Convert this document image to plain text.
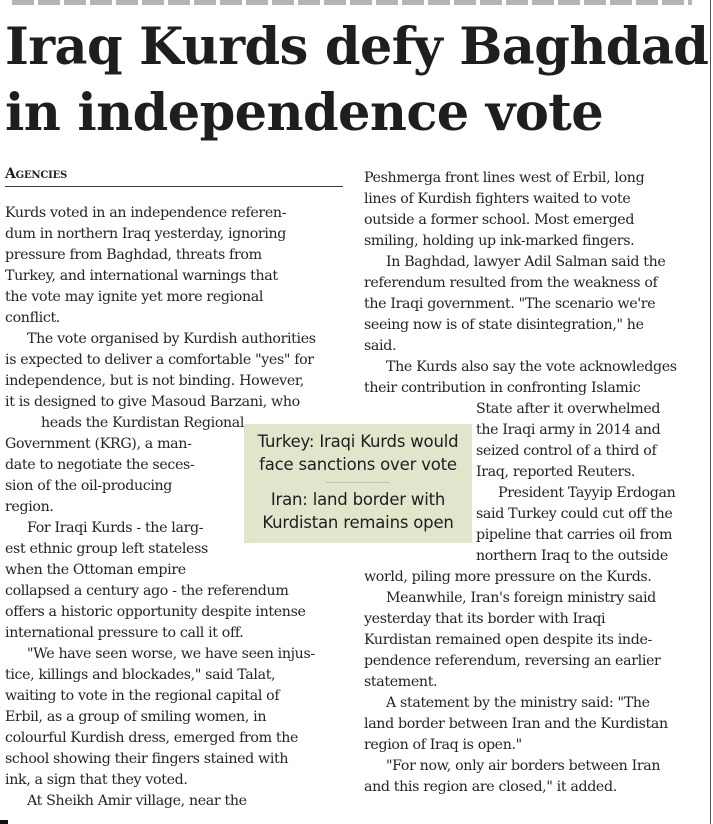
Iraq Kurds defy Baghdad
in independence vote
Agencies
Kurds voted in an independence referen-
dum in northern Iraq yesterday, ignoring
pressure from Baghdad, threats from
Turkey, and international warnings that
the vote may ignite yet more regional
conflict.
The vote organised by Kurdish authorities
is expected to deliver a comfortable "yes" for
independence, but is not binding. However,
it is designed to give Masoud Barzani, who
heads the Kurdistan Regional
Government (KRG), a man-
date to negotiate the seces-
sion of the oil-producing
region.
For Iraqi Kurds - the larg-
est ethnic group left stateless
when the Ottoman empire
collapsed a century ago - the referendum
offers a historic opportunity despite intense
international pressure to call it off.
"We have seen worse, we have seen injus-
tice, killings and blockades," said Talat,
waiting to vote in the regional capital of
Erbil, as a group of smiling women, in
colourful Kurdish dress, emerged from the
school showing their fingers stained with
ink, a sign that they voted.
At Sheikh Amir village, near the
Peshmerga front lines west of Erbil, long
lines of Kurdish fighters waited to vote
outside a former school. Most emerged
smiling, holding up ink-marked fingers.
In Baghdad, lawyer Adil Salman said the
referendum resulted from the weakness of
the Iraqi government. "The scenario we're
seeing now is of state disintegration," he
said.
The Kurds also say the vote acknowledges
their contribution in confronting Islamic
State after it overwhelmed
the Iraqi army in 2014 and
seized control of a third of
Iraq, reported Reuters.
President Tayyip Erdogan
said Turkey could cut off the
pipeline that carries oil from
northern Iraq to the outside
world, piling more pressure on the Kurds.
Meanwhile, Iran's foreign ministry said
yesterday that its border with Iraqi
Kurdistan remained open despite its inde-
pendence referendum, reversing an earlier
statement.
A statement by the ministry said: "The
land border between Iran and the Kurdistan
region of Iraq is open."
"For now, only air borders between Iran
and this region are closed," it added.
Turkey: Iraqi Kurds would
face sanctions over vote
Iran: land border with
Kurdistan remains open
